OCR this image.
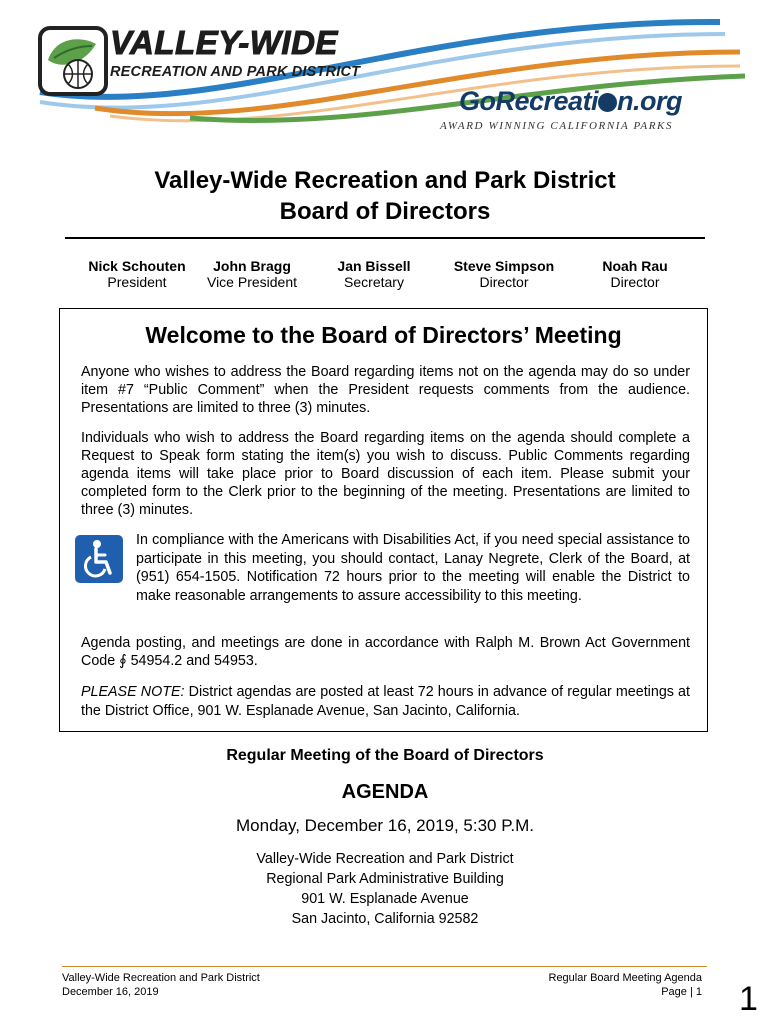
VALLEY-WIDE
RECREATION AND PARK DISTRICT
GoRecreati n.org
AWARD WINNING CALIFORNIA PARKS
Valley-Wide Recreation and Park District
Board of Directors
Nick Schouten
President
John Bragg
Vice President
Jan Bissell
Secretary
Steve Simpson
Director
Noah Rau
Director
Welcome to the Board of Directors’ Meeting
Anyone who wishes to address the Board regarding items not on the agenda may do so under item #7 “Public Comment” when the President requests comments from the audience. Presentations are limited to three (3) minutes.
Individuals who wish to address the Board regarding items on the agenda should complete a Request to Speak form stating the item(s) you wish to discuss. Public Comments regarding agenda items will take place prior to Board discussion of each item. Please submit your completed form to the Clerk prior to the beginning of the meeting. Presentations are limited to three (3) minutes.
In compliance with the Americans with Disabilities Act, if you need special assistance to participate in this meeting, you should contact, Lanay Negrete, Clerk of the Board, at (951) 654-1505. Notification 72 hours prior to the meeting will enable the District to make reasonable arrangements to assure accessibility to this meeting.
Agenda posting, and meetings are done in accordance with Ralph M. Brown Act Government Code ∮ 54954.2 and 54953.
PLEASE NOTE: District agendas are posted at least 72 hours in advance of regular meetings at the District Office, 901 W. Esplanade Avenue, San Jacinto, California.
Regular Meeting of the Board of Directors
AGENDA
Monday, December 16, 2019, 5:30 P.M.
Valley-Wide Recreation and Park District
Regional Park Administrative Building
901 W. Esplanade Avenue
San Jacinto, California 92582
Valley-Wide Recreation and Park District
December 16, 2019
Regular Board Meeting Agenda
Page | 1 1
